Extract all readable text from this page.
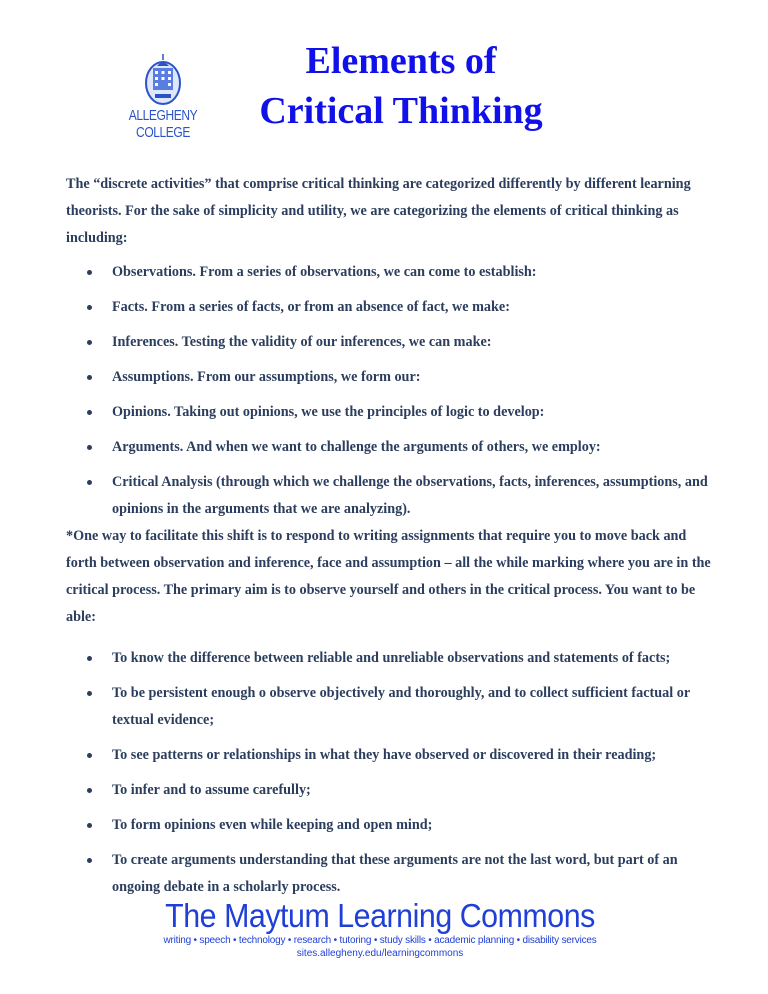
ALLEGHENY
COLLEGE
Elements of
Critical Thinking

The “discrete activities” that comprise critical thinking are categorized differently by different learning theorists. For the sake of simplicity and utility, we are categorizing the elements of critical thinking as including:

Observations. From a series of observations, we can come to establish:
Facts. From a series of facts, or from an absence of fact, we make:
Inferences. Testing the validity of our inferences, we can make:
Assumptions. From our assumptions, we form our:
Opinions. Taking out opinions, we use the principles of logic to develop:
Arguments. And when we want to challenge the arguments of others, we employ:
Critical Analysis (through which we challenge the observations, facts, inferences, assumptions, and opinions in the arguments that we are analyzing).

*One way to facilitate this shift is to respond to writing assignments that require you to move back and forth between observation and inference, face and assumption – all the while marking where you are in the critical process. The primary aim is to observe yourself and others in the critical process. You want to be able:

To know the difference between reliable and unreliable observations and statements of facts;
To be persistent enough o observe objectively and thoroughly, and to collect sufficient factual or textual evidence;
To see patterns or relationships in what they have observed or discovered in their reading;
To infer and to assume carefully;
To form opinions even while keeping and open mind;
To create arguments understanding that these arguments are not the last word, but part of an ongoing debate in a scholarly process.
The Maytum Learning Commons
writing • speech • technology • research • tutoring • study skills • academic planning • disability services
sites.allegheny.edu/learningcommons
